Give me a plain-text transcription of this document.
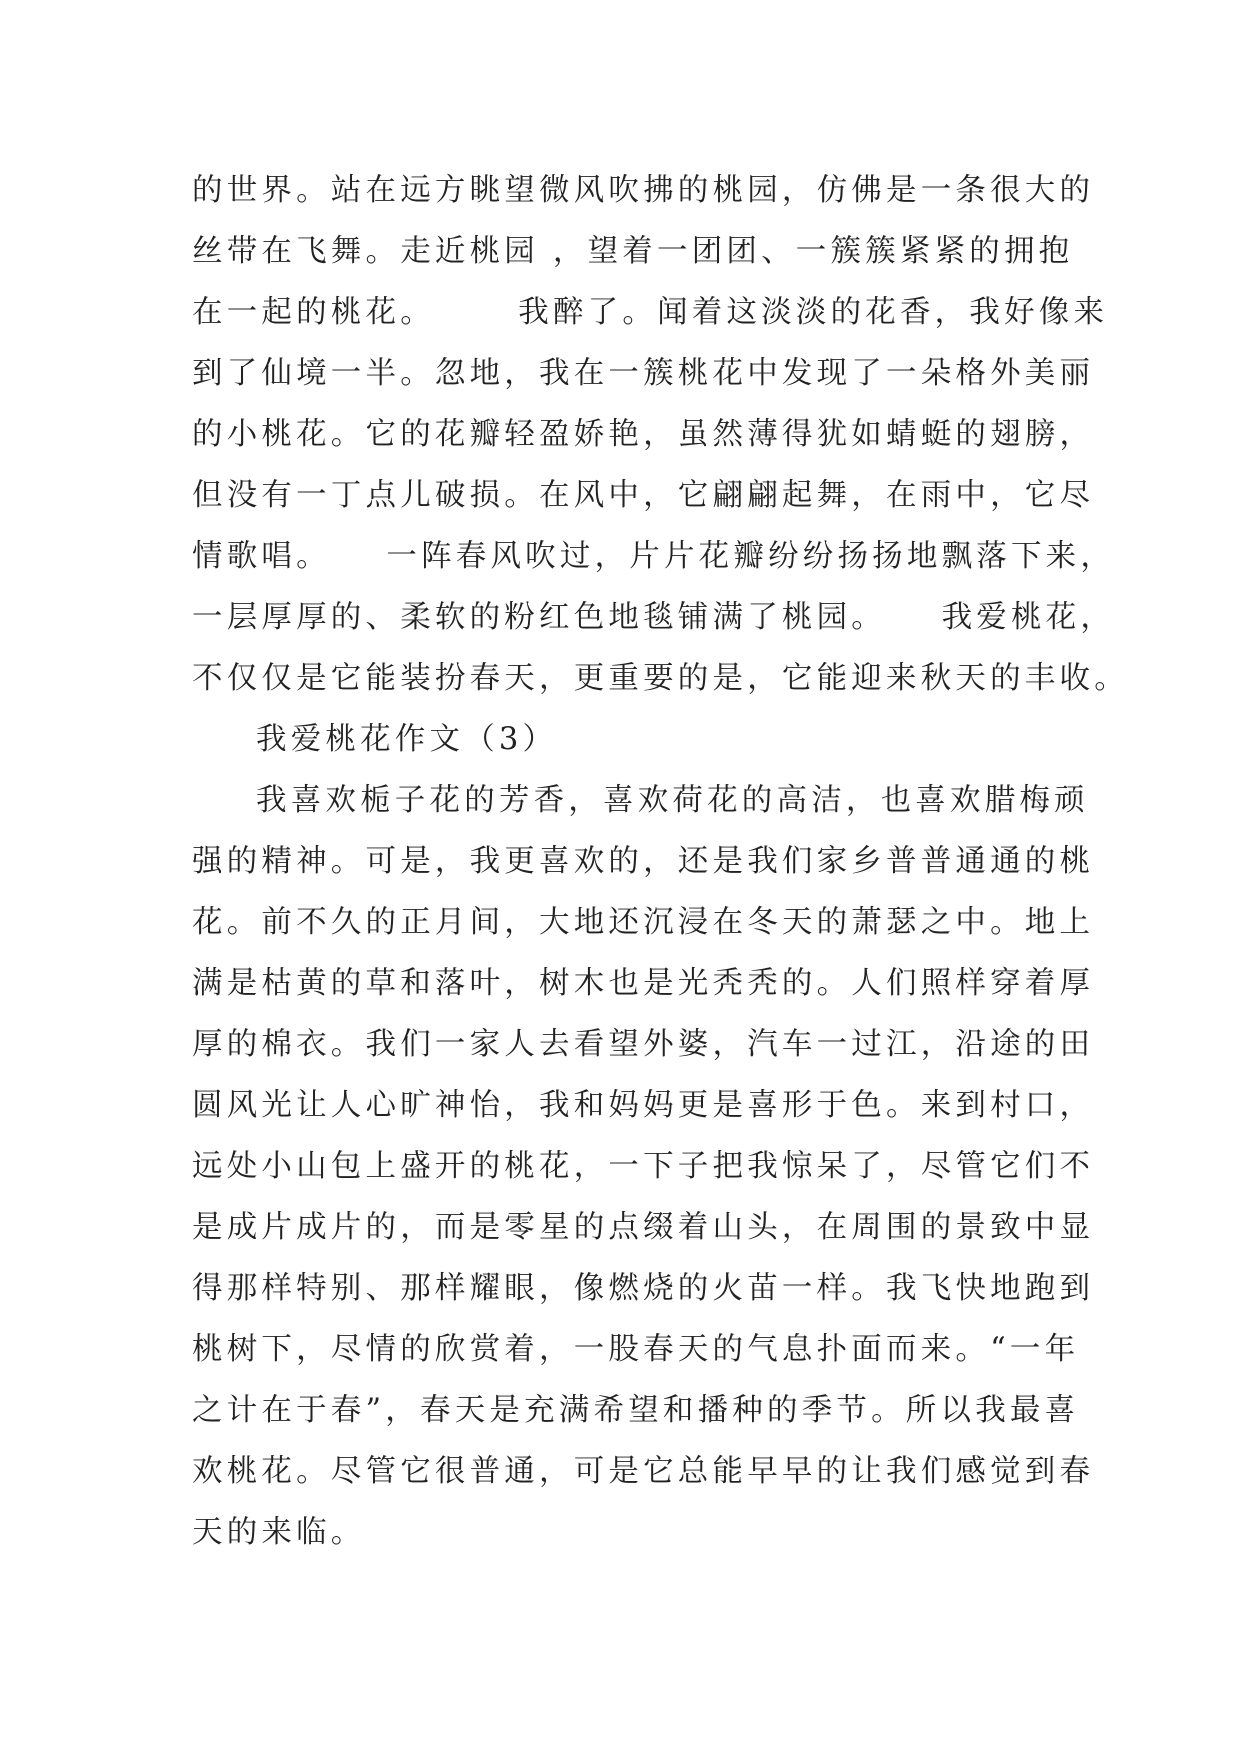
的世界。站在远方眺望微风吹拂的桃园，仿佛是一条很大的
丝带在飞舞。走近桃园 ，望着一团团、一簇簇紧紧的拥抱
在一起的桃花。      我醉了。闻着这淡淡的花香，我好像来
到了仙境一半。忽地，我在一簇桃花中发现了一朵格外美丽
的小桃花。它的花瓣轻盈娇艳，虽然薄得犹如蜻蜓的翅膀，
但没有一丁点儿破损。在风中，它翩翩起舞，在雨中，它尽
情歌唱。    一阵春风吹过，片片花瓣纷纷扬扬地飘落下来，
一层厚厚的、柔软的粉红色地毯铺满了桃园。    我爱桃花，
不仅仅是它能装扮春天，更重要的是，它能迎来秋天的丰收。
我爱桃花作文（3）
我喜欢栀子花的芳香，喜欢荷花的高洁，也喜欢腊梅顽
强的精神。可是，我更喜欢的，还是我们家乡普普通通的桃
花。前不久的正月间，大地还沉浸在冬天的萧瑟之中。地上
满是枯黄的草和落叶，树木也是光秃秃的。人们照样穿着厚
厚的棉衣。我们一家人去看望外婆，汽车一过江，沿途的田
圆风光让人心旷神怡，我和妈妈更是喜形于色。来到村口，
远处小山包上盛开的桃花，一下子把我惊呆了，尽管它们不
是成片成片的，而是零星的点缀着山头，在周围的景致中显
得那样特别、那样耀眼，像燃烧的火苗一样。我飞快地跑到
桃树下，尽情的欣赏着，一股春天的气息扑面而来。“一年
之计在于春”，春天是充满希望和播种的季节。所以我最喜
欢桃花。尽管它很普通，可是它总能早早的让我们感觉到春
天的来临。
